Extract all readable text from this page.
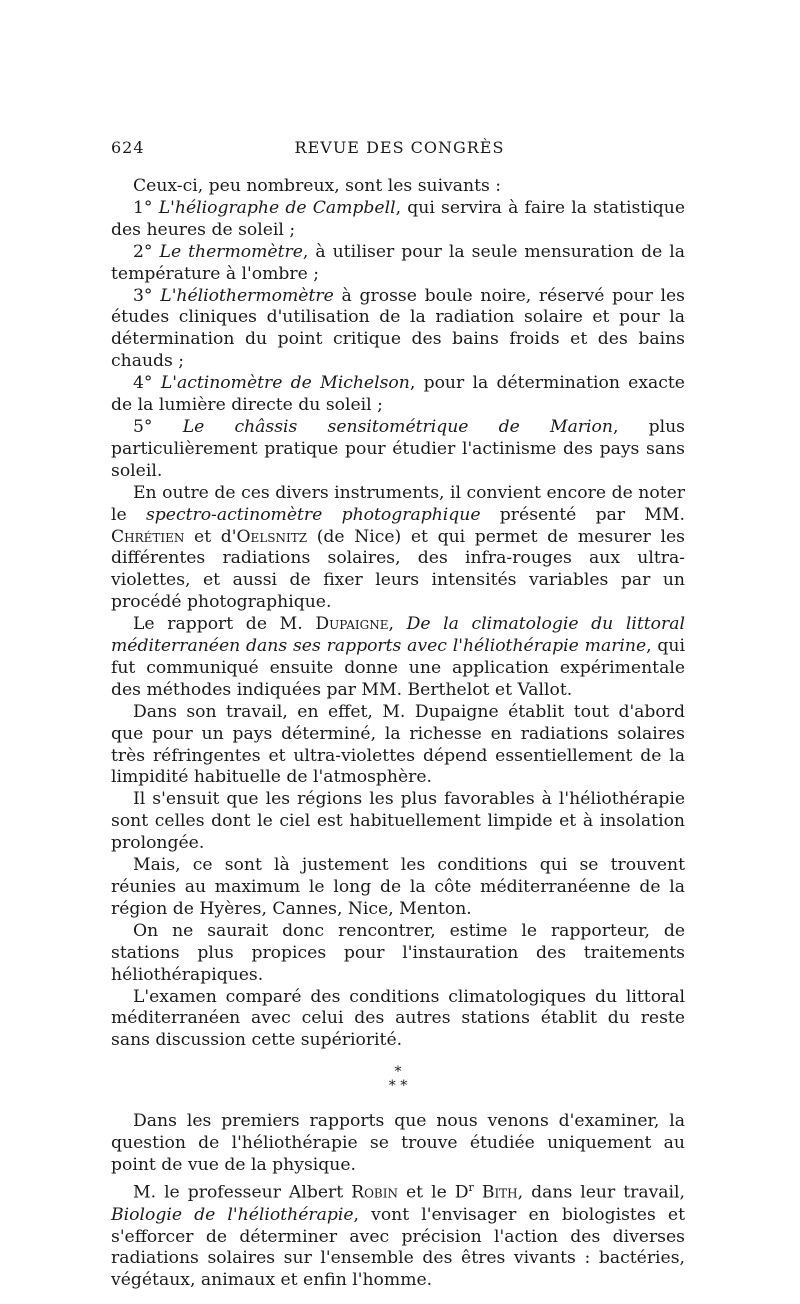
624	REVUE DES CONGRÈS

Ceux-ci, peu nombreux, sont les suivants :

1° L'héliographe de Campbell, qui servira à faire la statistique des heures de soleil ;

2° Le thermomètre, à utiliser pour la seule mensuration de la température à l'ombre ;

3° L'héliothermomètre à grosse boule noire, réservé pour les études cliniques d'utilisation de la radiation solaire et pour la détermination du point critique des bains froids et des bains chauds ;

4° L'actinomètre de Michelson, pour la détermination exacte de la lumière directe du soleil ;

5° Le châssis sensitométrique de Marion, plus particulièrement pratique pour étudier l'actinisme des pays sans soleil.

En outre de ces divers instruments, il convient encore de noter le spectro-actinomètre photographique présenté par MM. Chrétien et d'Oelsnitz (de Nice) et qui permet de mesurer les différentes radiations solaires, des infra-rouges aux ultra-violettes, et aussi de fixer leurs intensités variables par un procédé photographique.

Le rapport de M. Dupaigne, De la climatologie du littoral méditerranéen dans ses rapports avec l'héliothérapie marine, qui fut communiqué ensuite donne une application expérimentale des méthodes indiquées par MM. Berthelot et Vallot.

Dans son travail, en effet, M. Dupaigne établit tout d'abord que pour un pays déterminé, la richesse en radiations solaires très réfringentes et ultra-violettes dépend essentiellement de la limpidité habituelle de l'atmosphère.

Il s'ensuit que les régions les plus favorables à l'héliothérapie sont celles dont le ciel est habituellement limpide et à insolation prolongée.

Mais, ce sont là justement les conditions qui se trouvent réunies au maximum le long de la côte méditerranéenne de la région de Hyères, Cannes, Nice, Menton.

On ne saurait donc rencontrer, estime le rapporteur, de stations plus propices pour l'instauration des traitements héliothérapiques.

L'examen comparé des conditions climatologiques du littoral méditerranéen avec celui des autres stations établit du reste sans discussion cette supériorité.

*
* *

Dans les premiers rapports que nous venons d'examiner, la question de l'héliothérapie se trouve étudiée uniquement au point de vue de la physique.

M. le professeur Albert Robin et le $D^r$ Bith, dans leur travail, Biologie de l'héliothérapie, vont l'envisager en biologistes et s'efforcer de déterminer avec précision l'action des diverses radiations solaires sur l'ensemble des êtres vivants : bactéries, végétaux, animaux et enfin l'homme.
